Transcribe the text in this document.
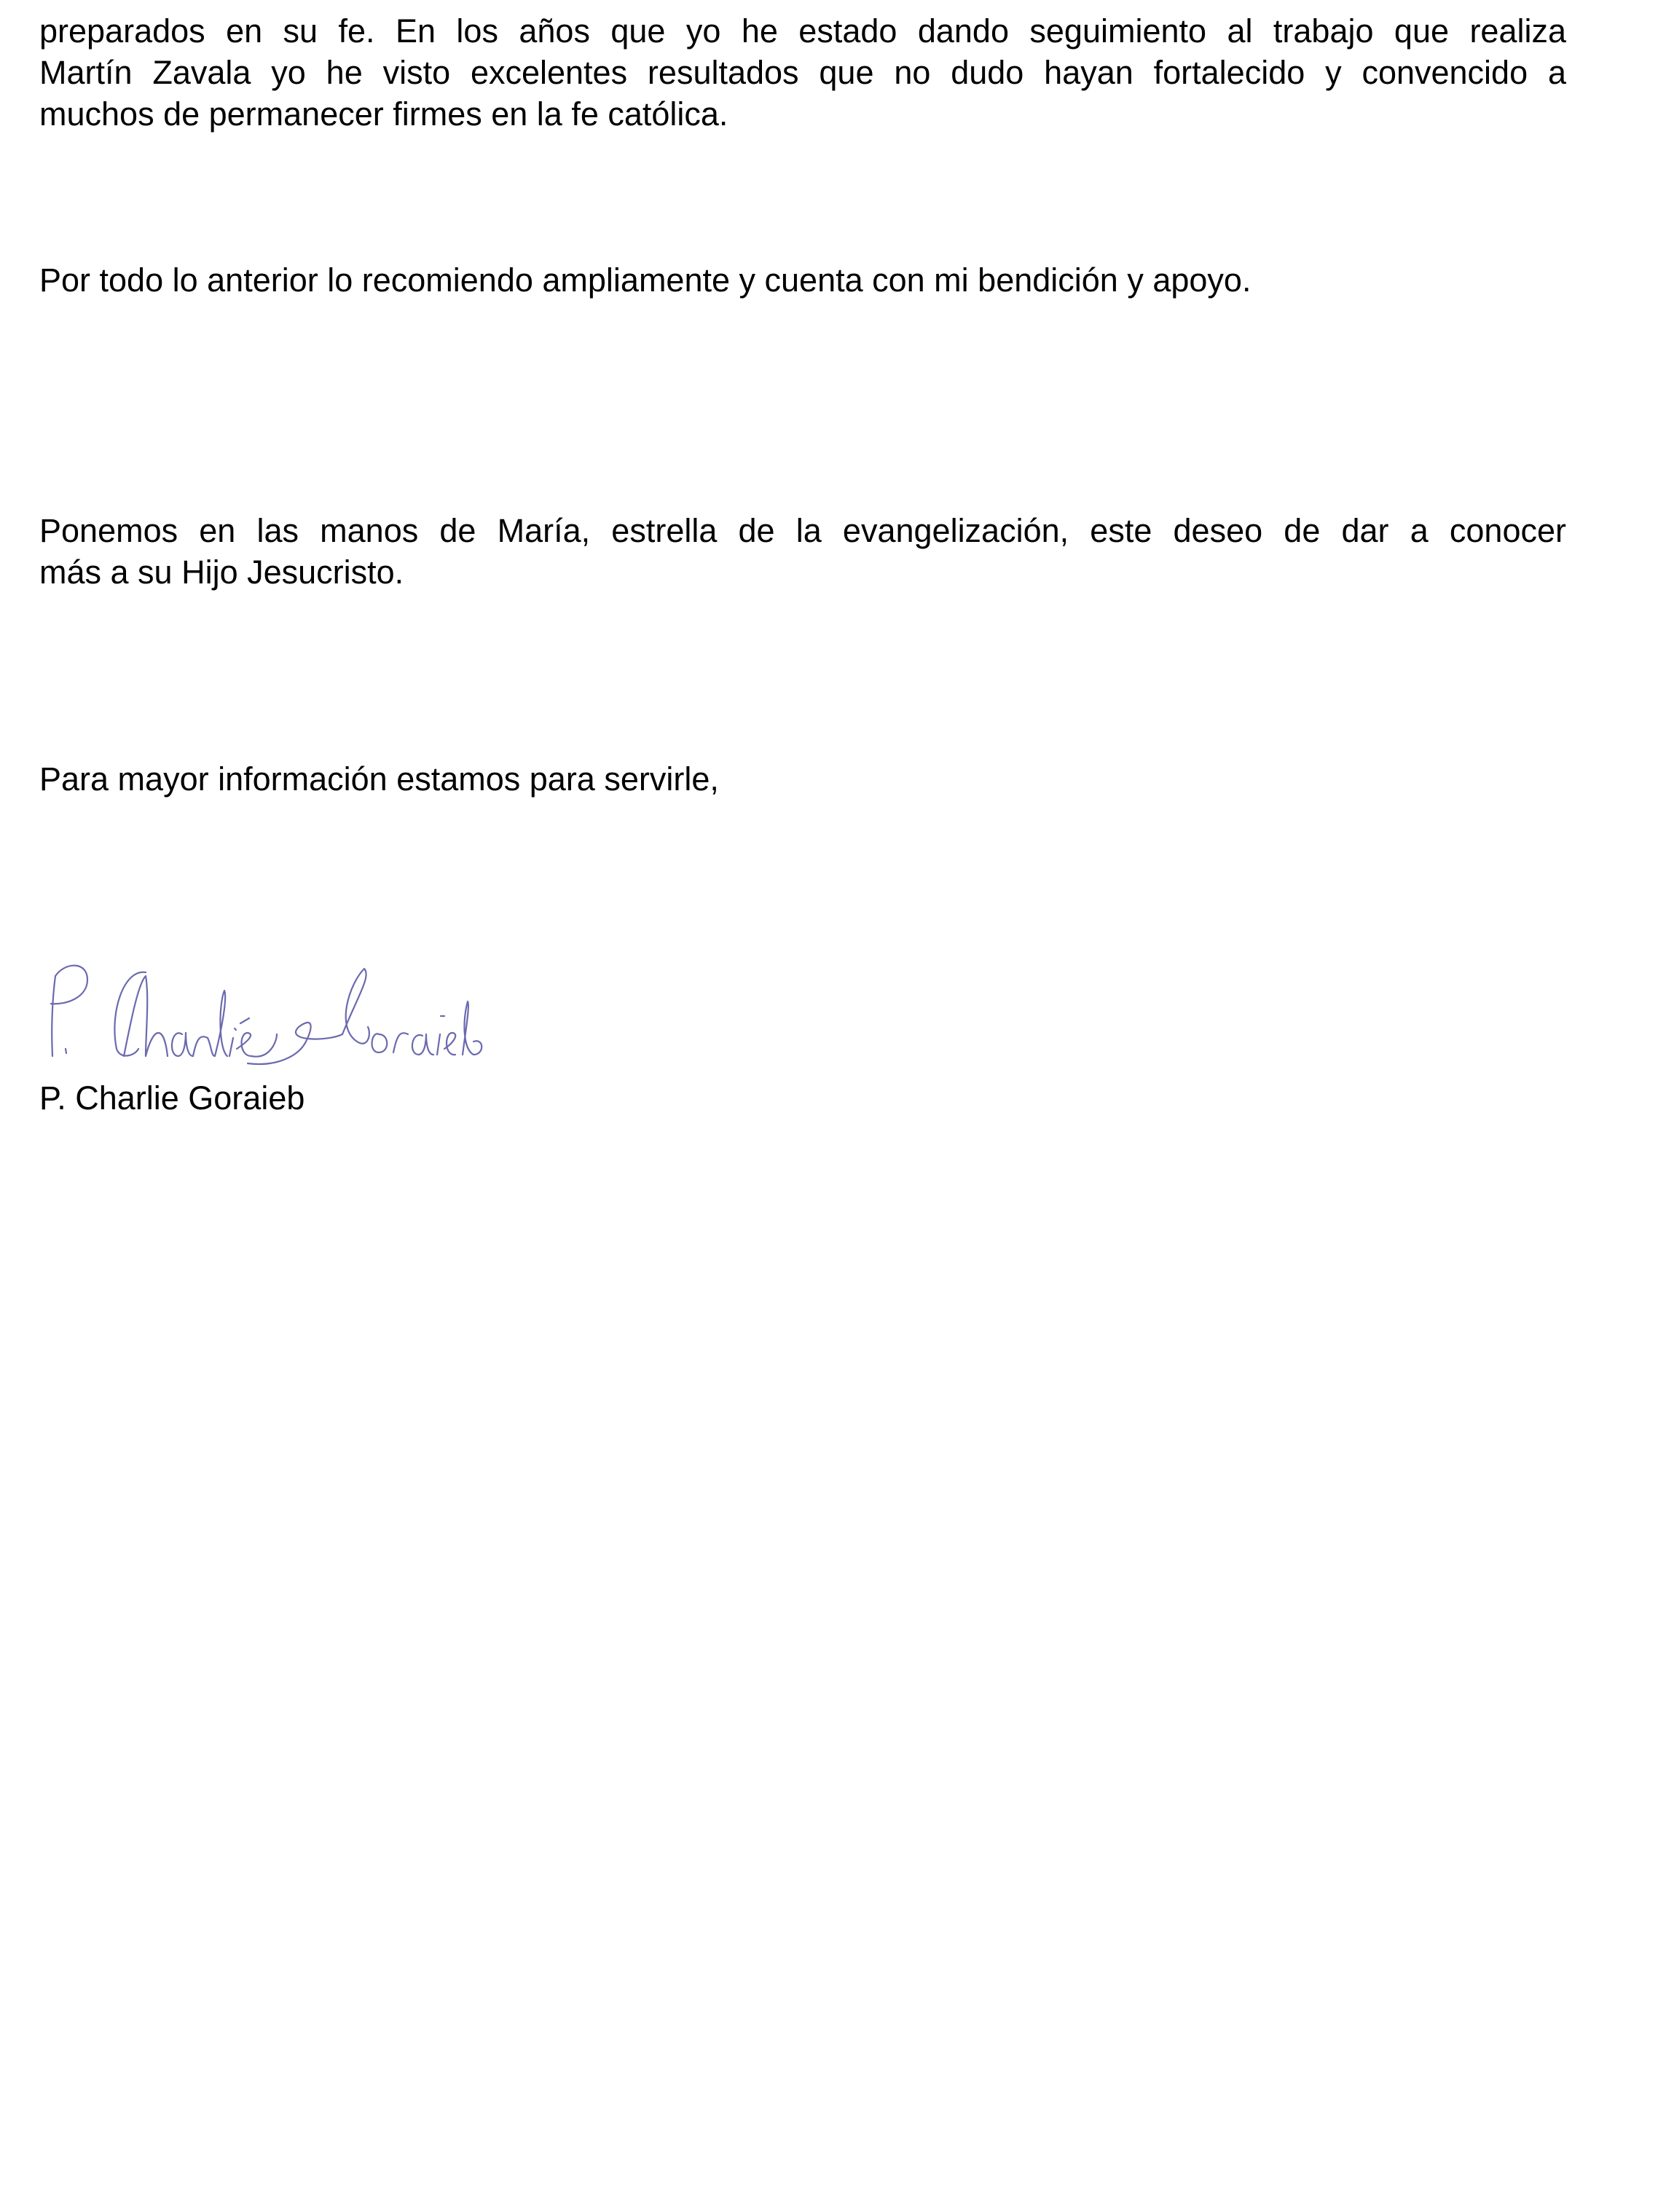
preparados en su fe. En los años que yo he estado dando seguimiento al trabajo que realiza
Martín Zavala yo he visto excelentes resultados que no dudo hayan fortalecido y convencido a
muchos de permanecer firmes en la fe católica.
Por todo lo anterior lo recomiendo ampliamente y cuenta con mi bendición y apoyo.
Ponemos en las manos de María, estrella de la evangelización, este deseo de dar a conocer
más a su Hijo Jesucristo.
Para mayor información estamos para servirle,
P. Charlie Goraieb
